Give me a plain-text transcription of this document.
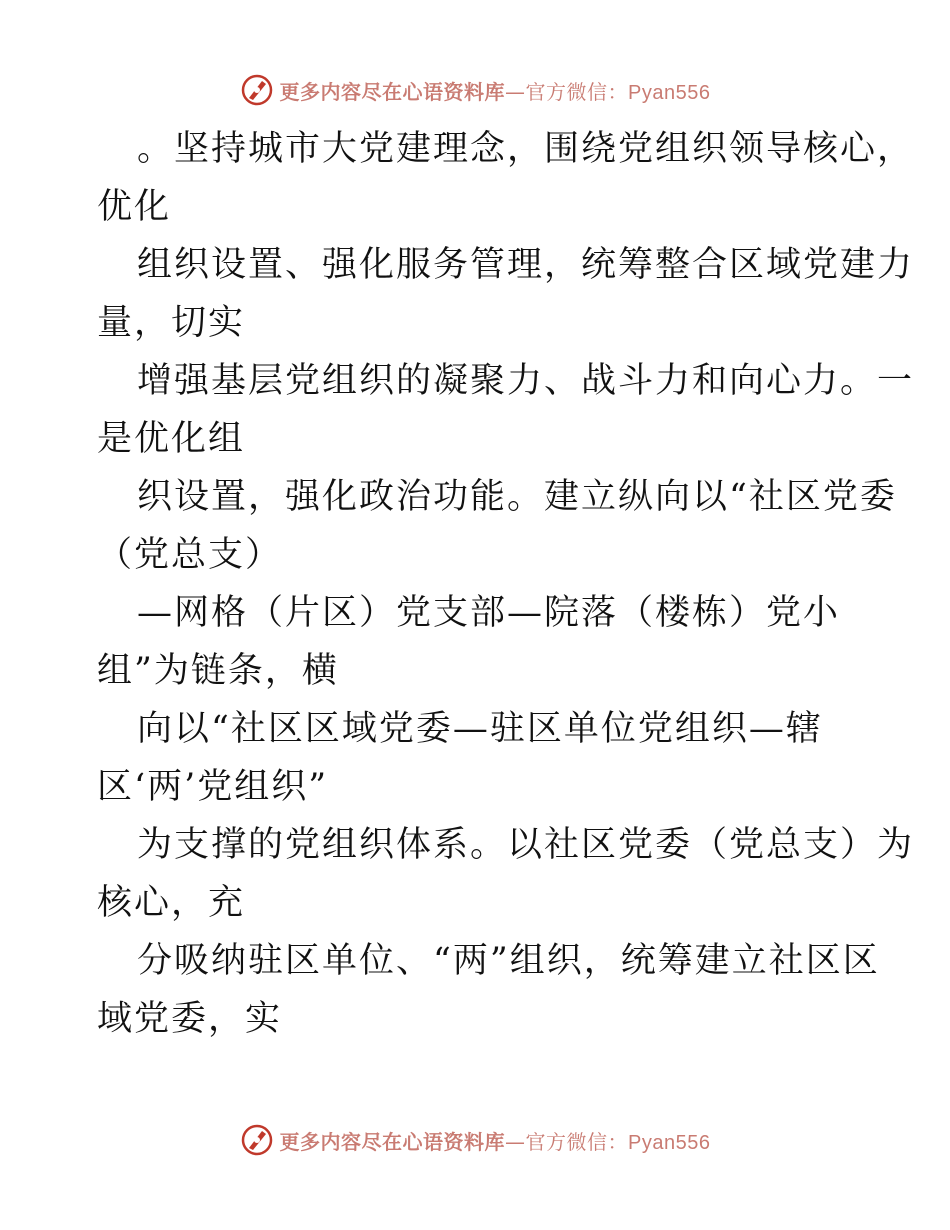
更多内容尽在心语资料库—官方微信：Pyan556
。坚持城市大党建理念，围绕党组织领导核心，
优化
组织设置、强化服务管理，统筹整合区域党建力
量，切实
增强基层党组织的凝聚力、战斗力和向心力。一
是优化组
织设置，强化政治功能。建立纵向以“社区党委
（党总支）
—网格（片区）党支部—院落（楼栋）党小
组”为链条，横
向以“社区区域党委—驻区单位党组织—辖
区‘两’党组织”
为支撑的党组织体系。以社区党委（党总支）为
核心，充
分吸纳驻区单位、“两”组织，统筹建立社区区
域党委，实
更多内容尽在心语资料库—官方微信：Pyan556
